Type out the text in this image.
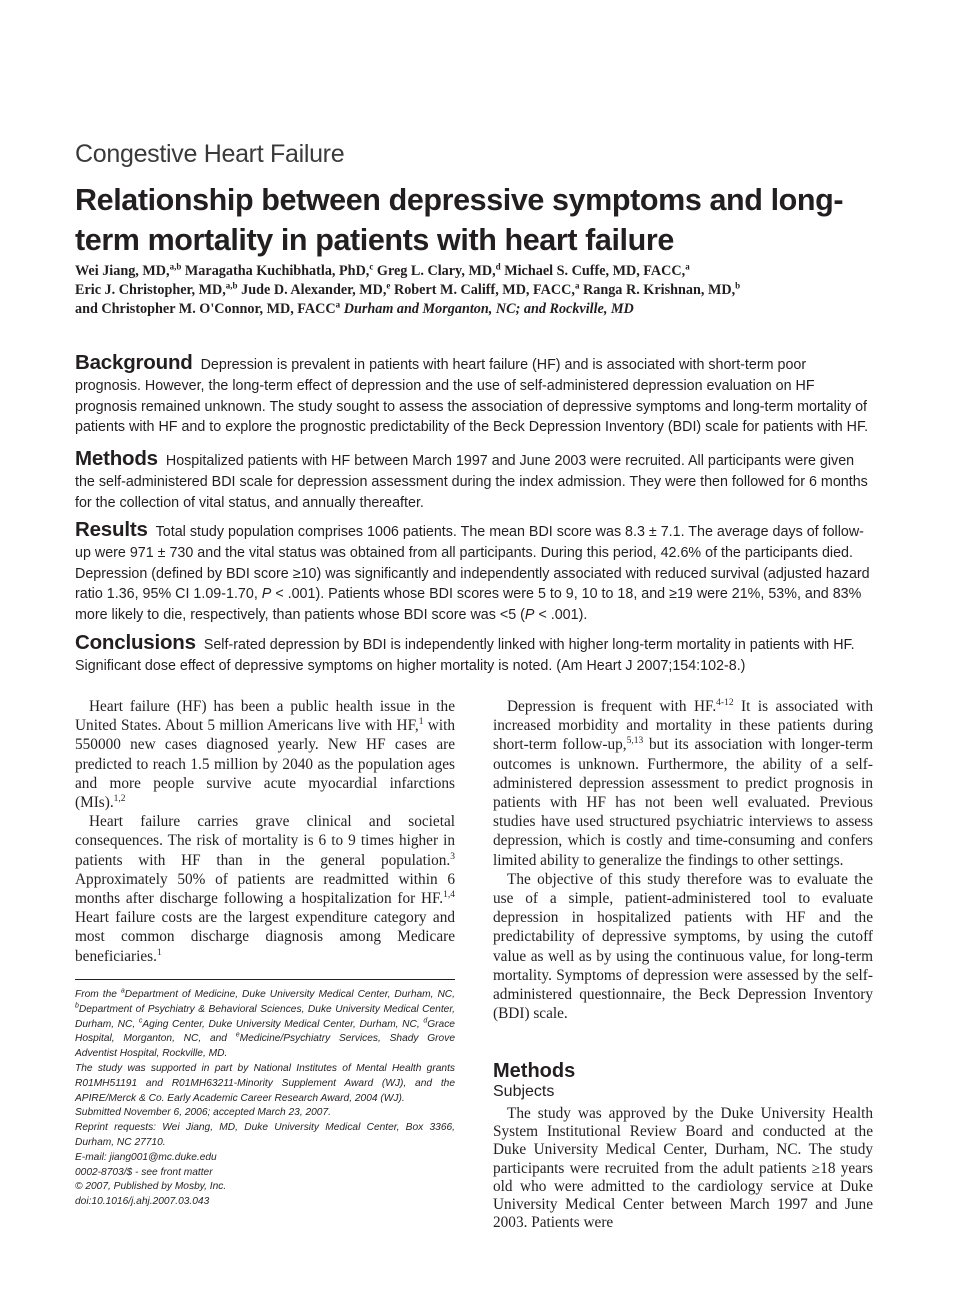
Congestive Heart Failure
Relationship between depressive symptoms and long-term mortality in patients with heart failure
Wei Jiang, MD,$^{a,b}$ Maragatha Kuchibhatla, PhD,$^c$ Greg L. Clary, MD,$^d$ Michael S. Cuffe, MD, FACC,$^a$
Eric J. Christopher, MD,$^{a,b}$ Jude D. Alexander, MD,$^e$ Robert M. Califf, MD, FACC,$^a$ Ranga R. Krishnan, MD,$^b$
and Christopher M. O'Connor, MD, FACC$^a$ Durham and Morganton, NC; and Rockville, MD
Background Depression is prevalent in patients with heart failure (HF) and is associated with short-term poor prognosis. However, the long-term effect of depression and the use of self-administered depression evaluation on HF prognosis remained unknown. The study sought to assess the association of depressive symptoms and long-term mortality of patients with HF and to explore the prognostic predictability of the Beck Depression Inventory (BDI) scale for patients with HF.
Methods Hospitalized patients with HF between March 1997 and June 2003 were recruited. All participants were given the self-administered BDI scale for depression assessment during the index admission. They were then followed for 6 months for the collection of vital status, and annually thereafter.
Results Total study population comprises 1006 patients. The mean BDI score was 8.3 ± 7.1. The average days of follow-up were 971 ± 730 and the vital status was obtained from all participants. During this period, 42.6% of the participants died. Depression (defined by BDI score ≥10) was significantly and independently associated with reduced survival (adjusted hazard ratio 1.36, 95% CI 1.09-1.70, P < .001). Patients whose BDI scores were 5 to 9, 10 to 18, and ≥19 were 21%, 53%, and 83% more likely to die, respectively, than patients whose BDI score was <5 (P < .001).
Conclusions Self-rated depression by BDI is independently linked with higher long-term mortality in patients with HF. Significant dose effect of depressive symptoms on higher mortality is noted. (Am Heart J 2007;154:102-8.)

Heart failure (HF) has been a public health issue in the United States. About 5 million Americans live with HF,$^1$ with 550000 new cases diagnosed yearly. New HF cases are predicted to reach 1.5 million by 2040 as the population ages and more people survive acute myocardial infarctions (MIs).$^{1,2}$

Heart failure carries grave clinical and societal consequences. The risk of mortality is 6 to 9 times higher in patients with HF than in the general population.$^3$ Approximately 50% of patients are readmitted within 6 months after discharge following a hospitalization for HF.$^{1,4}$ Heart failure costs are the largest expenditure category and most common discharge diagnosis among Medicare beneficiaries.$^1$

From the $^a$Department of Medicine, Duke University Medical Center, Durham, NC, $^b$Department of Psychiatry & Behavioral Sciences, Duke University Medical Center, Durham, NC, $^c$Aging Center, Duke University Medical Center, Durham, NC, $^d$Grace Hospital, Morganton, NC, and $^e$Medicine/Psychiatry Services, Shady Grove Adventist Hospital, Rockville, MD.

The study was supported in part by National Institutes of Mental Health grants R01MH51191 and R01MH63211-Minority Supplement Award (WJ), and the APIRE/Merck & Co. Early Academic Career Research Award, 2004 (WJ).

Submitted November 6, 2006; accepted March 23, 2007.

Reprint requests: Wei Jiang, MD, Duke University Medical Center, Box 3366, Durham, NC 27710.

E-mail: jiang001@mc.duke.edu

0002-8703/$ - see front matter

© 2007, Published by Mosby, Inc.

doi:10.1016/j.ahj.2007.03.043

Depression is frequent with HF.$^{4-12}$ It is associated with increased morbidity and mortality in these patients during short-term follow-up,$^{5,13}$ but its association with longer-term outcomes is unknown. Furthermore, the ability of a self-administered depression assessment to predict prognosis in patients with HF has not been well evaluated. Previous studies have used structured psychiatric interviews to assess depression, which is costly and time-consuming and confers limited ability to generalize the findings to other settings.

The objective of this study therefore was to evaluate the use of a simple, patient-administered tool to evaluate depression in hospitalized patients with HF and the predictability of depressive symptoms, by using the cutoff value as well as by using the continuous value, for long-term mortality. Symptoms of depression were assessed by the self-administered questionnaire, the Beck Depression Inventory (BDI) scale.

Methods
Subjects

The study was approved by the Duke University Health System Institutional Review Board and conducted at the Duke University Medical Center, Durham, NC. The study participants were recruited from the adult patients ≥18 years old who were admitted to the cardiology service at Duke University Medical Center between March 1997 and June 2003. Patients were
